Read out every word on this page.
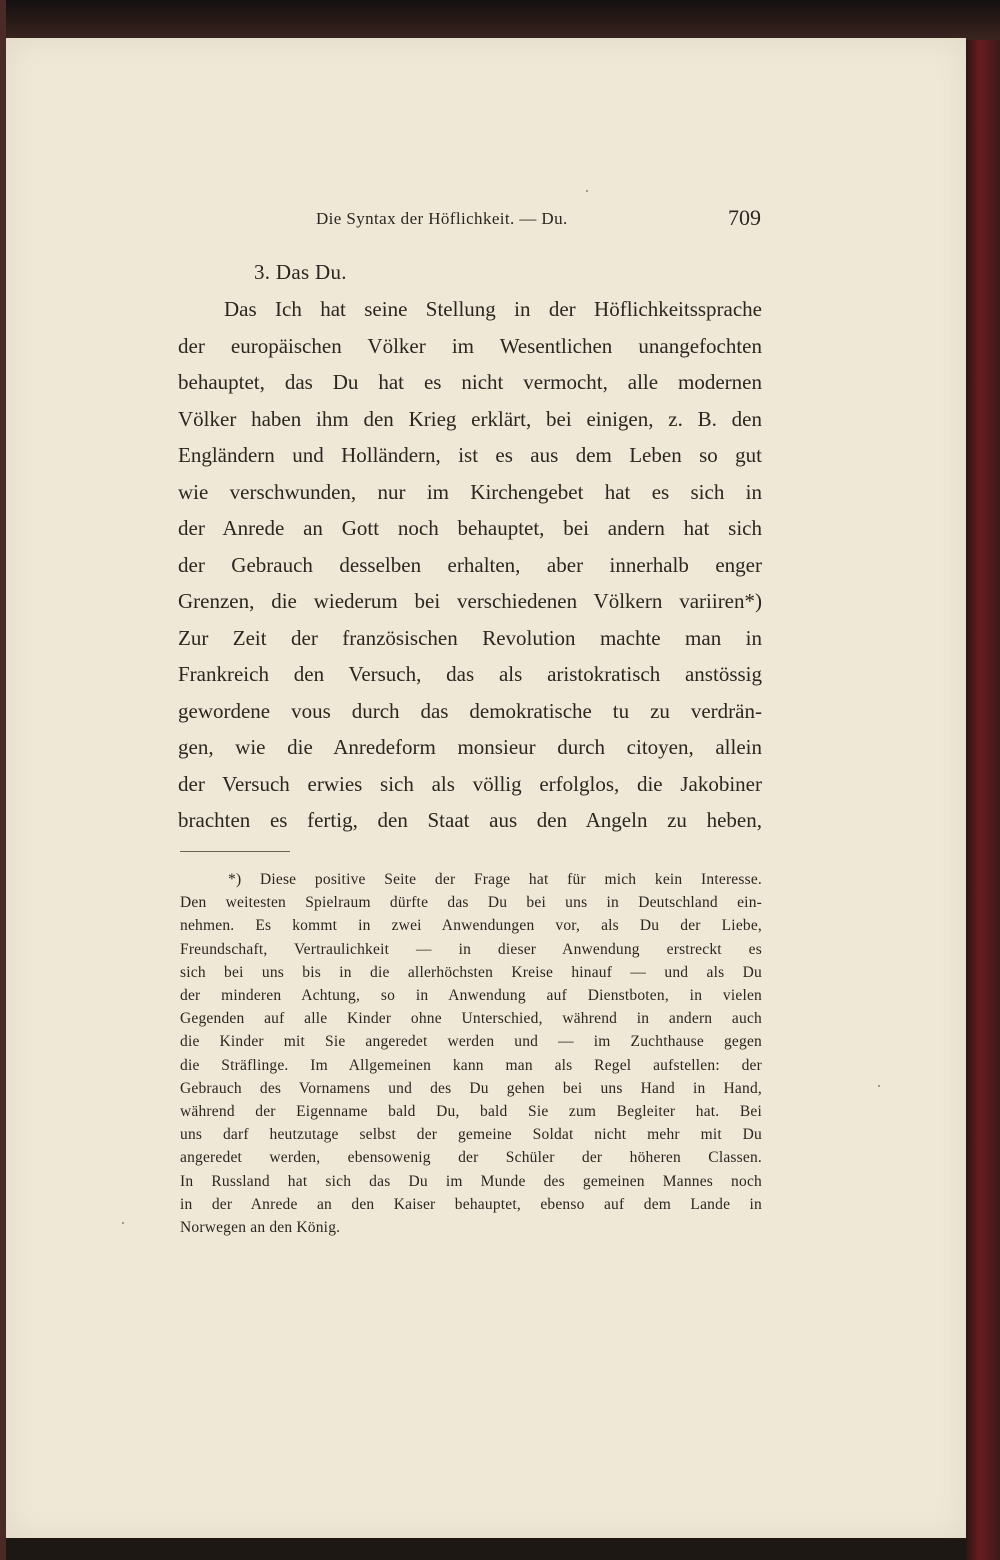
Die Syntax der Höflichkeit. — Du.	709
3. Das Du.
Das Ich hat seine Stellung in der Höflichkeitssprache
der europäischen Völker im Wesentlichen unangefochten
behauptet, das Du hat es nicht vermocht, alle modernen
Völker haben ihm den Krieg erklärt, bei einigen, z. B. den
Engländern und Holländern, ist es aus dem Leben so gut
wie verschwunden, nur im Kirchengebet hat es sich in
der Anrede an Gott noch behauptet, bei andern hat sich
der Gebrauch desselben erhalten, aber innerhalb enger
Grenzen, die wiederum bei verschiedenen Völkern variiren*)
Zur Zeit der französischen Revolution machte man in
Frankreich den Versuch, das als aristokratisch anstössig
gewordene vous durch das demokratische tu zu verdrän-
gen, wie die Anredeform monsieur durch citoyen, allein
der Versuch erwies sich als völlig erfolglos, die Jakobiner
brachten es fertig, den Staat aus den Angeln zu heben,
*) Diese positive Seite der Frage hat für mich kein Interesse.
Den weitesten Spielraum dürfte das Du bei uns in Deutschland ein-
nehmen. Es kommt in zwei Anwendungen vor, als Du der Liebe,
Freundschaft, Vertraulichkeit — in dieser Anwendung erstreckt es
sich bei uns bis in die allerhöchsten Kreise hinauf — und als Du
der minderen Achtung, so in Anwendung auf Dienstboten, in vielen
Gegenden auf alle Kinder ohne Unterschied, während in andern auch
die Kinder mit Sie angeredet werden und — im Zuchthause gegen
die Sträflinge. Im Allgemeinen kann man als Regel aufstellen: der
Gebrauch des Vornamens und des Du gehen bei uns Hand in Hand,
während der Eigenname bald Du, bald Sie zum Begleiter hat. Bei
uns darf heutzutage selbst der gemeine Soldat nicht mehr mit Du
angeredet werden, ebensowenig der Schüler der höheren Classen.
In Russland hat sich das Du im Munde des gemeinen Mannes noch
in der Anrede an den Kaiser behauptet, ebenso auf dem Lande in
Norwegen an den König.
